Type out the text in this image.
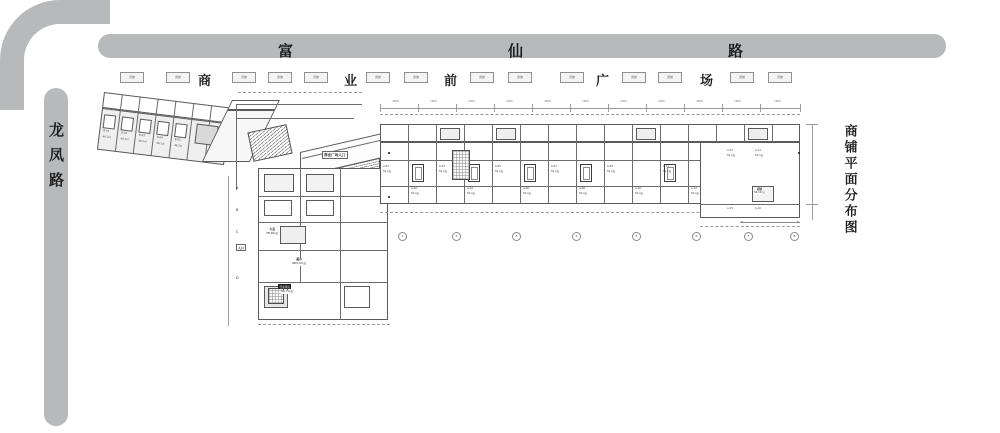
富	仙	路
龙凤路
商	业	前	广	场
商铺	商铺	商铺	商铺	商铺	商铺	商铺	商铺	商铺	商铺	商铺	商铺	商铺	商铺
商铺平面分布图
B-01
B-02
B-03
B-04
B-05
46.2㎡
46.2㎡
46.2㎡
46.2㎡
46.2㎡
商业广场入口
大堂
78.00 ㎡
超市
284.30 ㎡
设备用房
66.70 ㎡
入口
A
B
C
D
商铺
52.10 ㎡
A-01
52.1㎡
A-02
52.1㎡
A-03
52.1㎡
A-04
52.1㎡
A-05
52.1㎡
A-06
52.1㎡
A-07
52.1㎡
A-08
52.1㎡
A-09
52.1㎡
A-10
52.1㎡
A-11
52.1㎡
A-12
52.1㎡
A-13
52.1㎡
A-14
52.1㎡
A-15	A-16
7200	7200	7200	7200	7200	7200	7200	7200	7200	7200	7200
1	2	3	4	5	6	7	8
